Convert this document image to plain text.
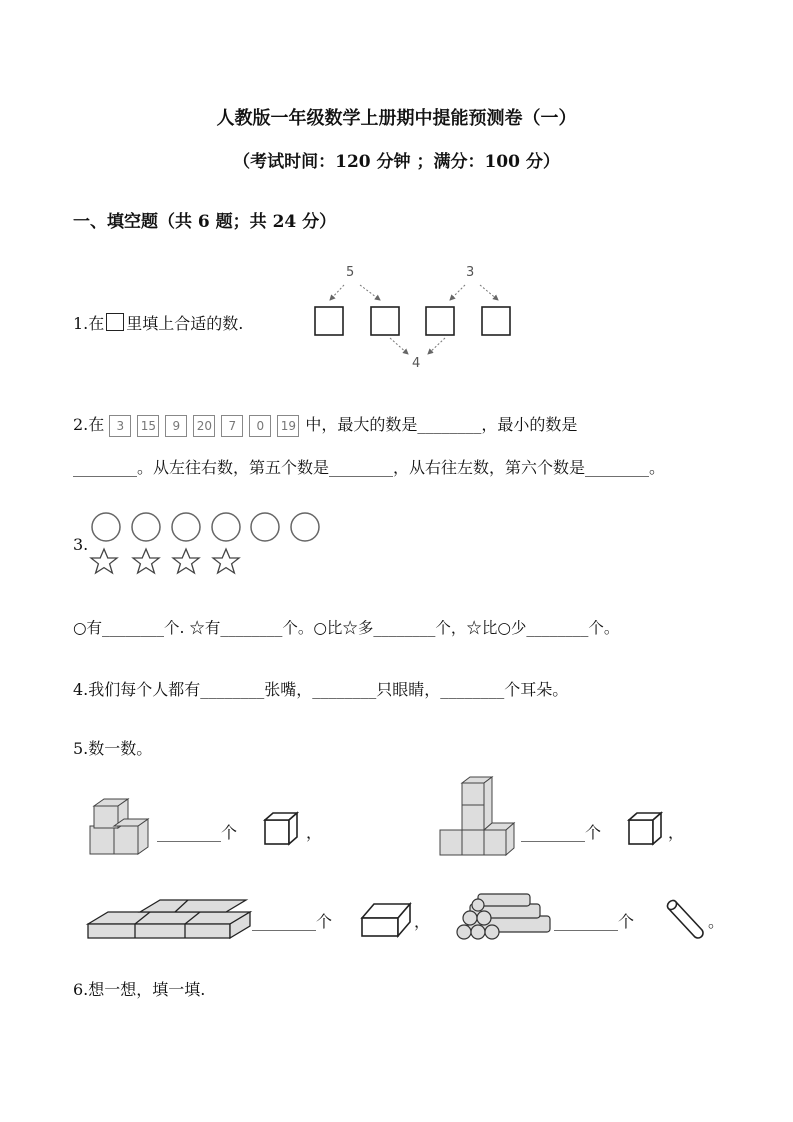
人教版一年级数学上册期中提能预测卷（一）
（考试时间：120 分钟 ；满分：100 分）
一、填空题（共 6 题；共 24 分）
1.在 里填上合适的数.
5	3
4
2.在 3 15 9 20 7 0 19 中，最大的数是________，最小的数是
________。从左往右数，第五个数是________，从右往左数，第六个数是________。
3.
○有________个. ☆有________个。○比☆多________个，☆比○少________个。
4.我们每个人都有________张嘴，________只眼睛，________个耳朵。
5.数一数。
________个	，	________个	，
________个	，	________个	。
6.想一想，填一填.
